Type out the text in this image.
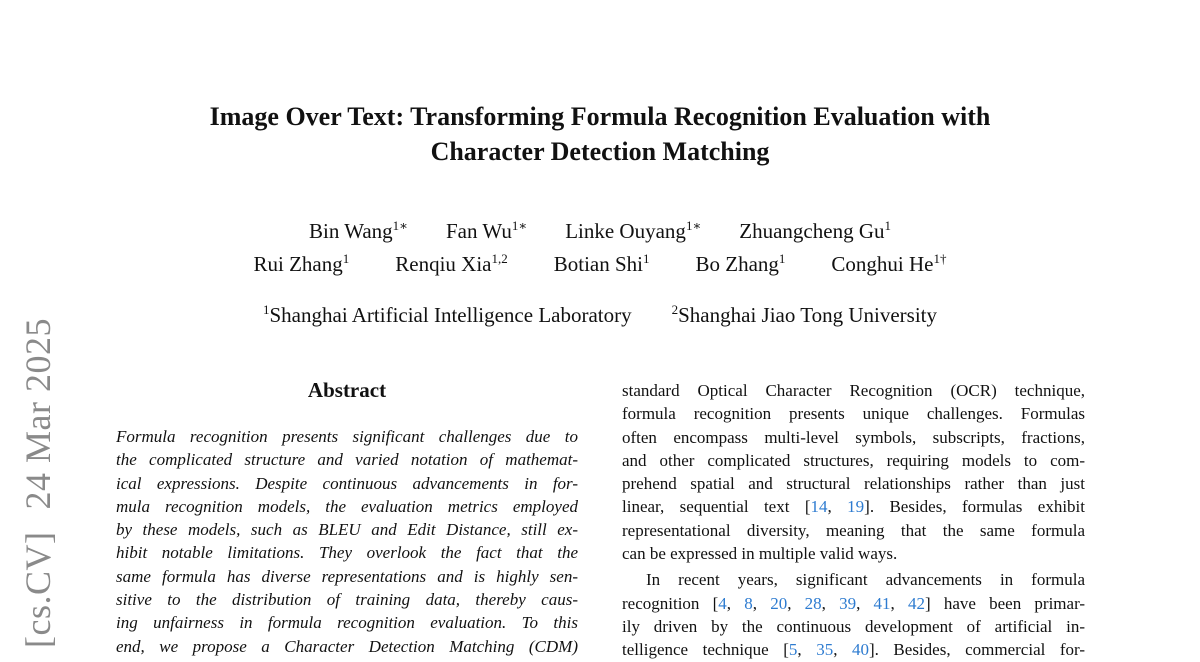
[cs.CV]24 Mar 2025
Image Over Text: Transforming Formula Recognition Evaluation with
Character Detection Matching
Bin Wang$^{1∗}$ Fan $Wu^{1∗}$ Linke Ouyang$^{1∗}$ Zhuangcheng Gu$^1$
Rui Zhang$^1$ Renqiu Xia$^{1,2}$ Botian Shi$^1$ Bo Zhang$^1$ Conghui $He^{1\dagger}$
$^1$Shanghai Artificial Intelligence Laboratory	$^2$Shanghai Jiao Tong University
Abstract
Formula recognition presents significant challenges due to
the complicated structure and varied notation of mathemat-
ical expressions. Despite continuous advancements in for-
mula recognition models, the evaluation metrics employed
by these models, such as BLEU and Edit Distance, still ex-
hibit notable limitations. They overlook the fact that the
same formula has diverse representations and is highly sen-
sitive to the distribution of training data, thereby caus-
ing unfairness in formula recognition evaluation. To this
end, we propose a Character Detection Matching (CDM)
standard Optical Character Recognition (OCR) technique,
formula recognition presents unique challenges. Formulas
often encompass multi-level symbols, subscripts, fractions,
and other complicated structures, requiring models to com-
prehend spatial and structural relationships rather than just
linear, sequential text [14, 19]. Besides, formulas exhibit
representational diversity, meaning that the same formula
can be expressed in multiple valid ways.
In recent years, significant advancements in formula
recognition [4, 8, 20, 28, 39, 41, 42] have been primar-
ily driven by the continuous development of artificial in-
telligence technique [5, 35, 40]. Besides, commercial for-
